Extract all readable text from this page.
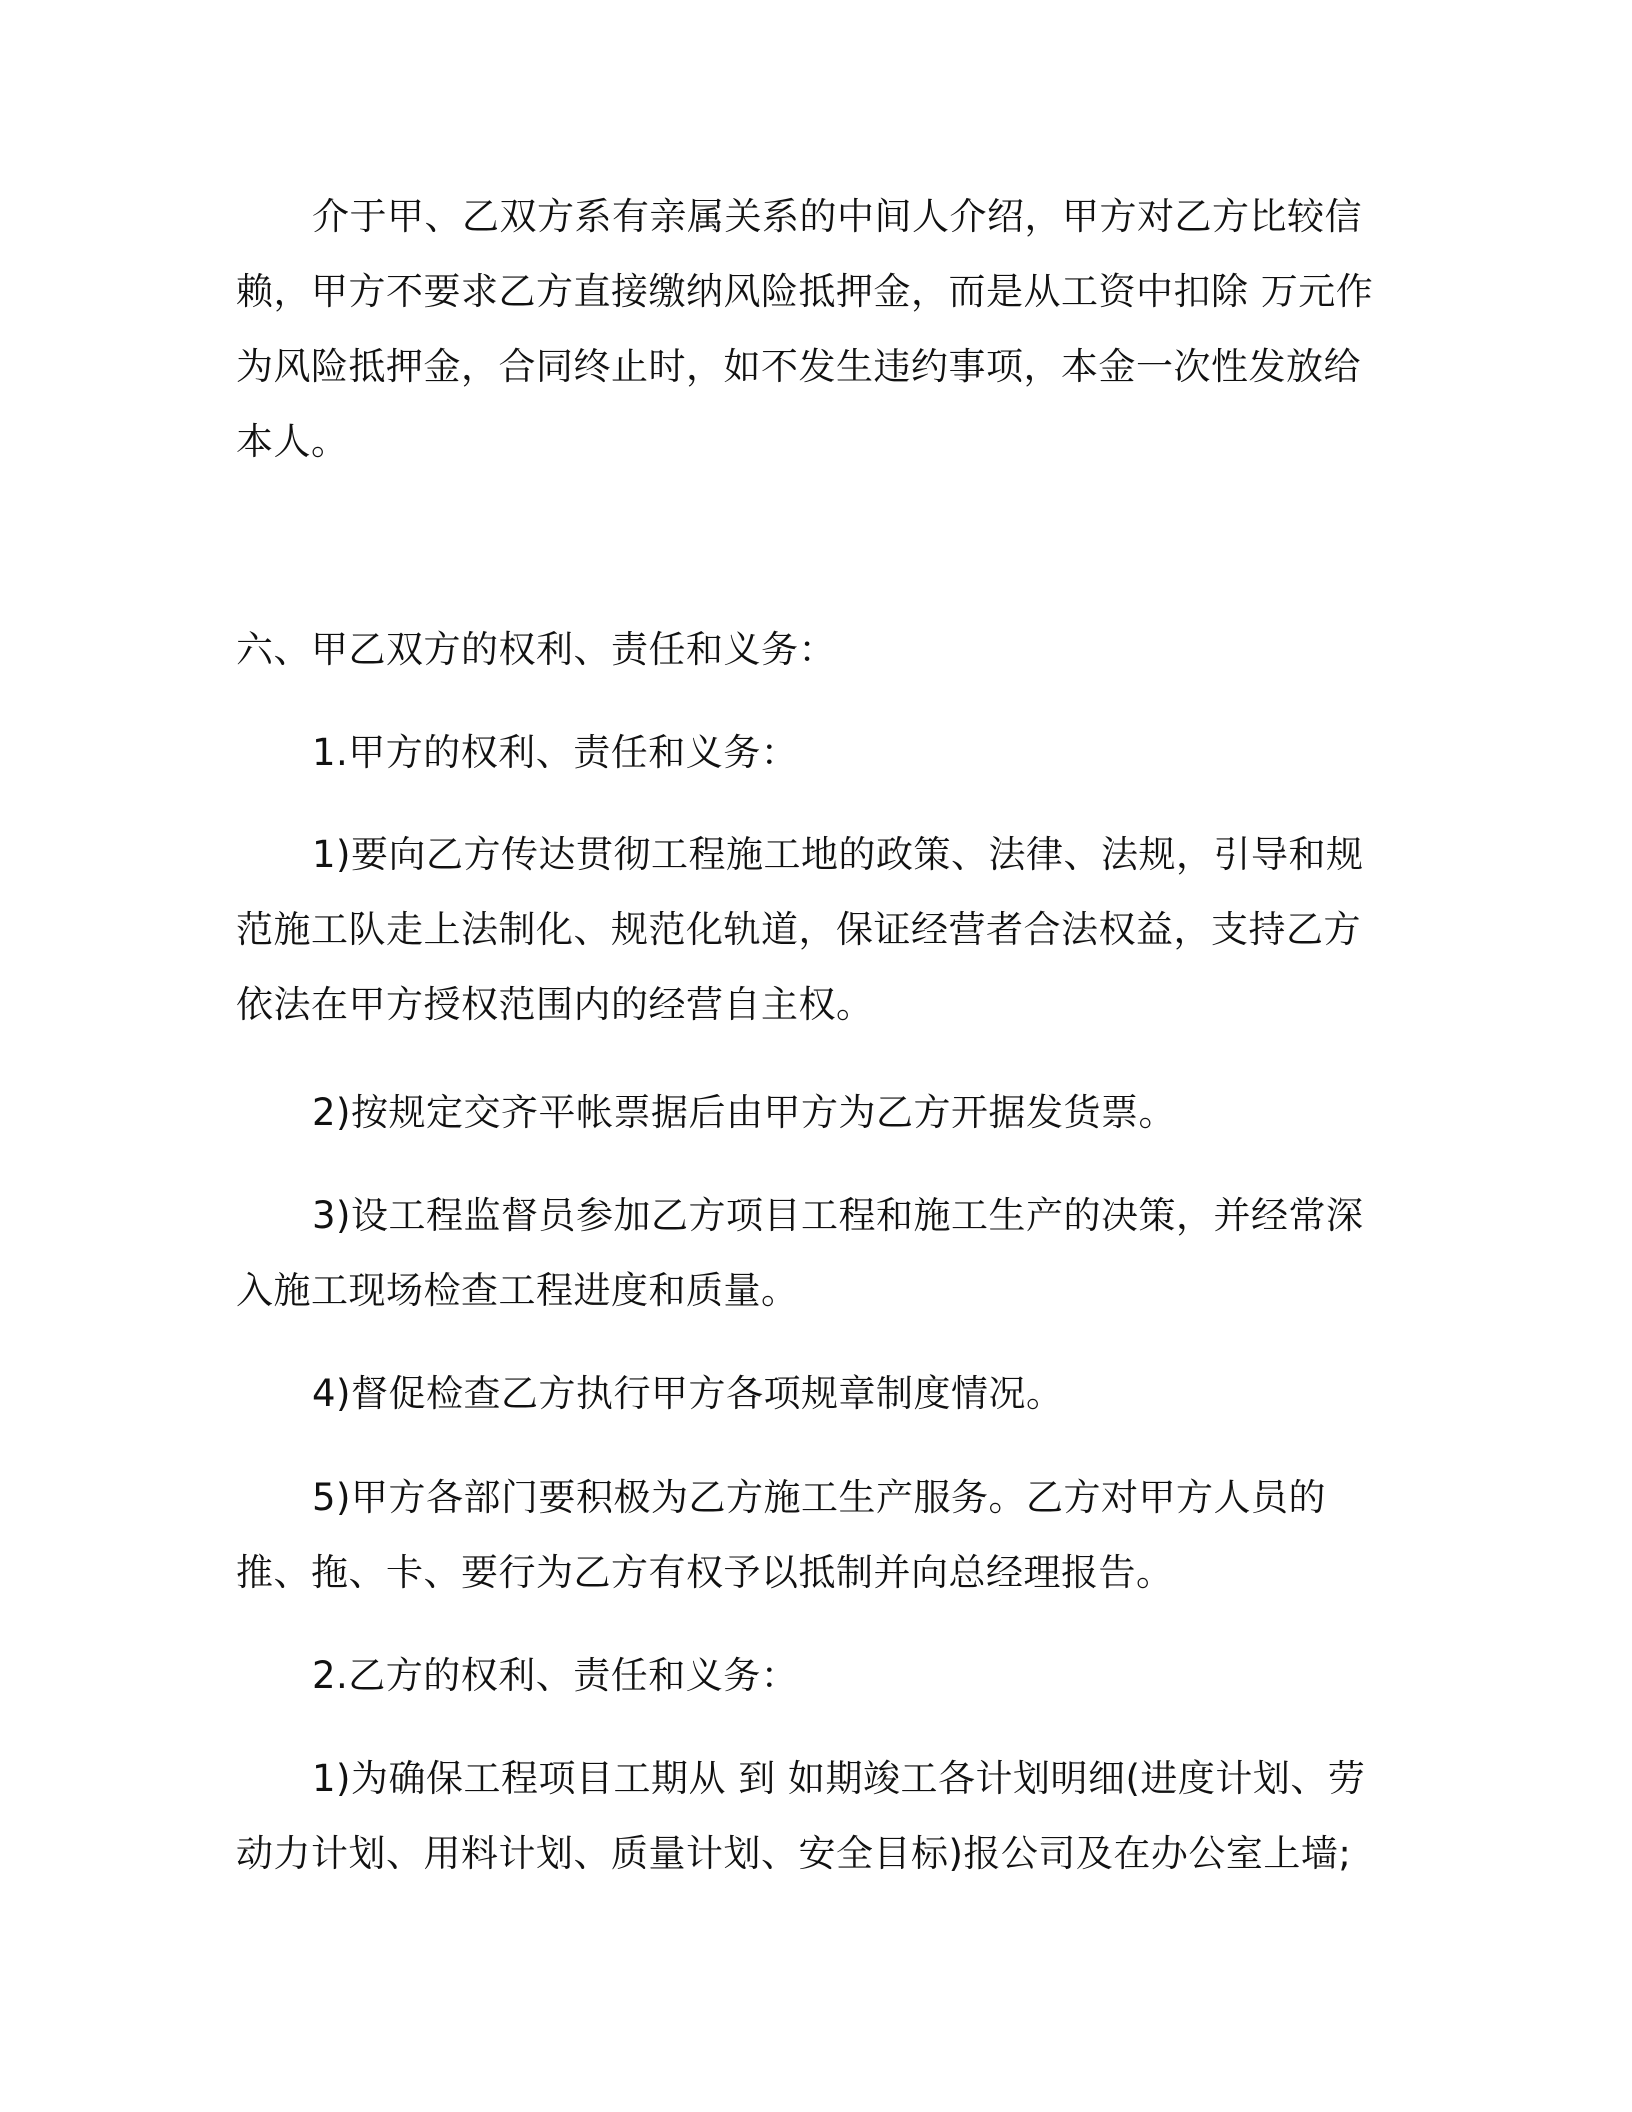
介于甲、乙双方系有亲属关系的中间人介绍，甲方对乙方比较信赖，甲方不要求乙方直接缴纳风险抵押金，而是从工资中扣除 万元作为风险抵押金，合同终止时，如不发生违约事项，本金一次性发放给本人。

六、甲乙双方的权利、责任和义务：

1.甲方的权利、责任和义务：

1)要向乙方传达贯彻工程施工地的政策、法律、法规，引导和规范施工队走上法制化、规范化轨道，保证经营者合法权益，支持乙方依法在甲方授权范围内的经营自主权。

2)按规定交齐平帐票据后由甲方为乙方开据发货票。

3)设工程监督员参加乙方项目工程和施工生产的决策，并经常深入施工现场检查工程进度和质量。

4)督促检查乙方执行甲方各项规章制度情况。

5)甲方各部门要积极为乙方施工生产服务。乙方对甲方人员的推、拖、卡、要行为乙方有权予以抵制并向总经理报告。

2.乙方的权利、责任和义务：

1)为确保工程项目工期从 到 如期竣工各计划明细(进度计划、劳动力计划、用料计划、质量计划、安全目标)报公司及在办公室上墙;
